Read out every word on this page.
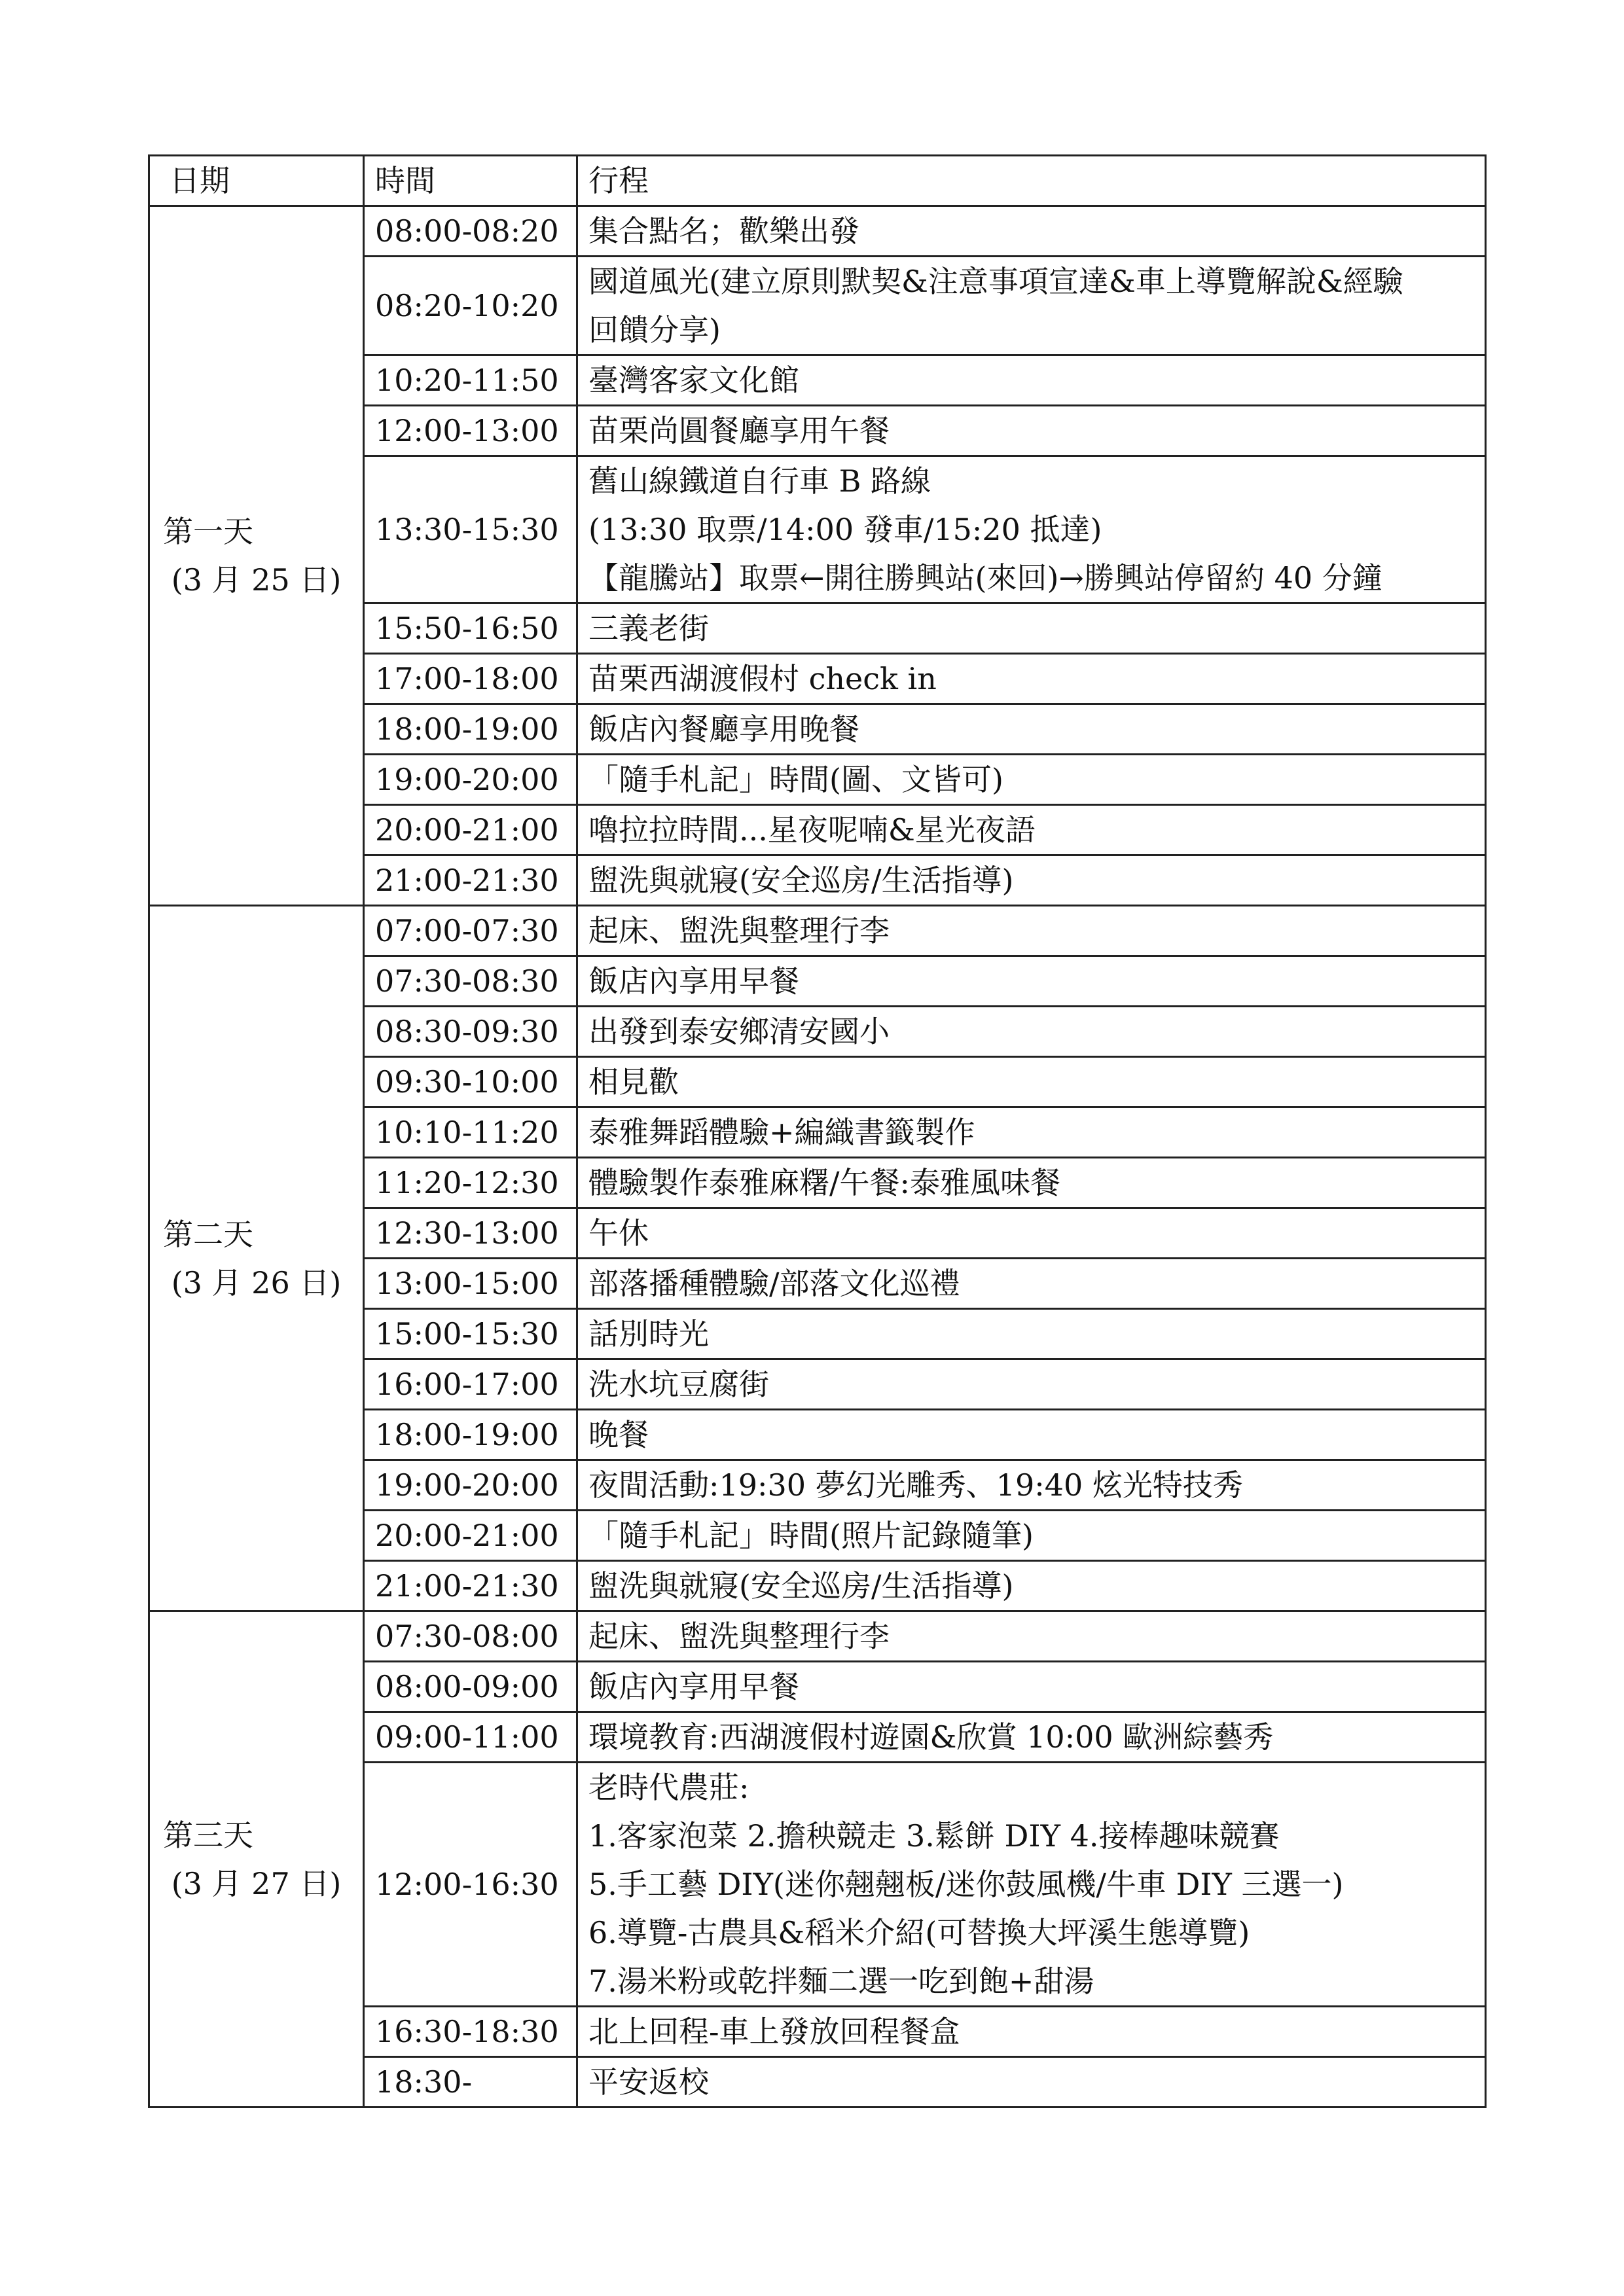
日期	時間	行程

第一天
(3 月 25 日)	08:00-08:20	集合點名；歡樂出發

	08:20-10:20	國道風光(建立原則默契&注意事項宣達&車上導覽解說&經驗
回饋分享)

	10:20-11:50	臺灣客家文化館

	12:00-13:00	苗栗尚圓餐廳享用午餐

	13:30-15:30	舊山線鐵道自行車 B 路線
(13:30 取票/14:00 發車/15:20 抵達)
【龍騰站】取票←開往勝興站(來回)→勝興站停留約 40 分鐘

	15:50-16:50	三義老街

	17:00-18:00	苗栗西湖渡假村 check in

	18:00-19:00	飯店內餐廳享用晚餐

	19:00-20:00	「隨手札記」時間(圖、文皆可)

	20:00-21:00	嚕拉拉時間...星夜呢喃&星光夜語

	21:00-21:30	盥洗與就寢(安全巡房/生活指導)

第二天
(3 月 26 日)	07:00-07:30	起床、盥洗與整理行李

	07:30-08:30	飯店內享用早餐

	08:30-09:30	出發到泰安鄉清安國小

	09:30-10:00	相見歡

	10:10-11:20	泰雅舞蹈體驗+編織書籤製作

	11:20-12:30	體驗製作泰雅麻糬/午餐:泰雅風味餐

	12:30-13:00	午休

	13:00-15:00	部落播種體驗/部落文化巡禮

	15:00-15:30	話別時光

	16:00-17:00	洗水坑豆腐街

	18:00-19:00	晚餐

	19:00-20:00	夜間活動:19:30 夢幻光雕秀、19:40 炫光特技秀

	20:00-21:00	「隨手札記」時間(照片記錄隨筆)

	21:00-21:30	盥洗與就寢(安全巡房/生活指導)

第三天
(3 月 27 日)	07:30-08:00	起床、盥洗與整理行李

	08:00-09:00	飯店內享用早餐

	09:00-11:00	環境教育:西湖渡假村遊園&欣賞 10:00 歐洲綜藝秀

	12:00-16:30	老時代農莊:
1.客家泡菜 2.擔秧競走 3.鬆餅 DIY 4.接棒趣味競賽
5.手工藝 DIY(迷你翹翹板/迷你鼓風機/牛車 DIY 三選一)
6.導覽-古農具&稻米介紹(可替換大坪溪生態導覽)
7.湯米粉或乾拌麵二選一吃到飽+甜湯

	16:30-18:30	北上回程-車上發放回程餐盒

	18:30-	平安返校
